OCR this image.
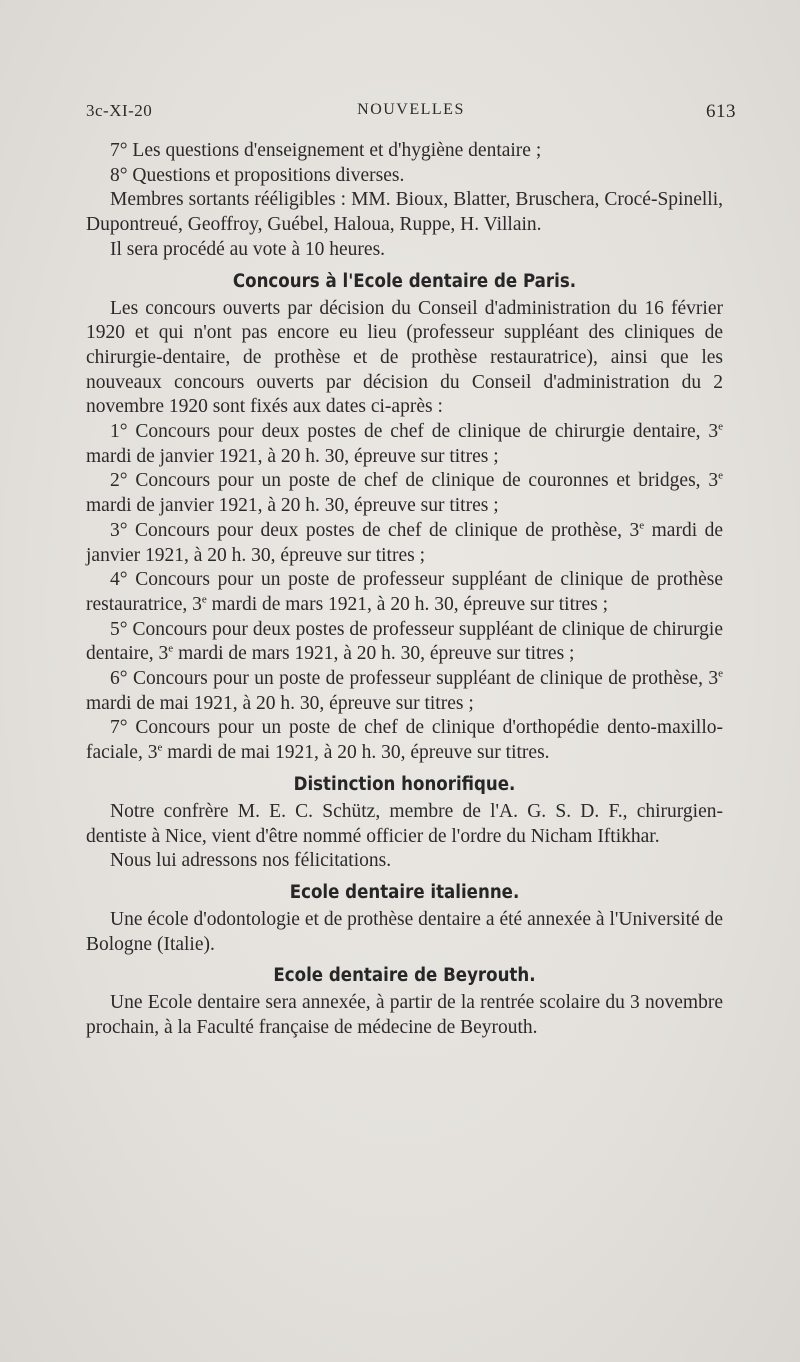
3c-XI-20	NOUVELLES	613

7° Les questions d'enseignement et d'hygiène dentaire ;

8° Questions et propositions diverses.

Membres sortants rééligibles : MM. Bioux, Blatter, Bruschera, Crocé-Spinelli, Dupontreué, Geoffroy, Guébel, Haloua, Ruppe, H. Villain.

Il sera procédé au vote à 10 heures.

Concours à l'Ecole dentaire de Paris.

Les concours ouverts par décision du Conseil d'administration du 16 février 1920 et qui n'ont pas encore eu lieu (professeur suppléant des cliniques de chirurgie-dentaire, de prothèse et de prothèse restauratrice), ainsi que les nouveaux concours ouverts par décision du Conseil d'administration du 2 novembre 1920 sont fixés aux dates ci-après :

1° Concours pour deux postes de chef de clinique de chirurgie dentaire, 3e mardi de janvier 1921, à 20 h. 30, épreuve sur titres ;

2° Concours pour un poste de chef de clinique de couronnes et bridges, 3e mardi de janvier 1921, à 20 h. 30, épreuve sur titres ;

3° Concours pour deux postes de chef de clinique de prothèse, 3e mardi de janvier 1921, à 20 h. 30, épreuve sur titres ;

4° Concours pour un poste de professeur suppléant de clinique de prothèse restauratrice, 3e mardi de mars 1921, à 20 h. 30, épreuve sur titres ;

5° Concours pour deux postes de professeur suppléant de clinique de chirurgie dentaire, 3e mardi de mars 1921, à 20 h. 30, épreuve sur titres ;

6° Concours pour un poste de professeur suppléant de clinique de prothèse, 3e mardi de mai 1921, à 20 h. 30, épreuve sur titres ;

7° Concours pour un poste de chef de clinique d'orthopédie dento-maxillo-faciale, 3e mardi de mai 1921, à 20 h. 30, épreuve sur titres.

Distinction honorifique.

Notre confrère M. E. C. Schütz, membre de l'A. G. S. D. F., chirurgien-dentiste à Nice, vient d'être nommé officier de l'ordre du Nicham Iftikhar.

Nous lui adressons nos félicitations.

Ecole dentaire italienne.

Une école d'odontologie et de prothèse dentaire a été annexée à l'Université de Bologne (Italie).

Ecole dentaire de Beyrouth.

Une Ecole dentaire sera annexée, à partir de la rentrée scolaire du 3 novembre prochain, à la Faculté française de médecine de Beyrouth.
